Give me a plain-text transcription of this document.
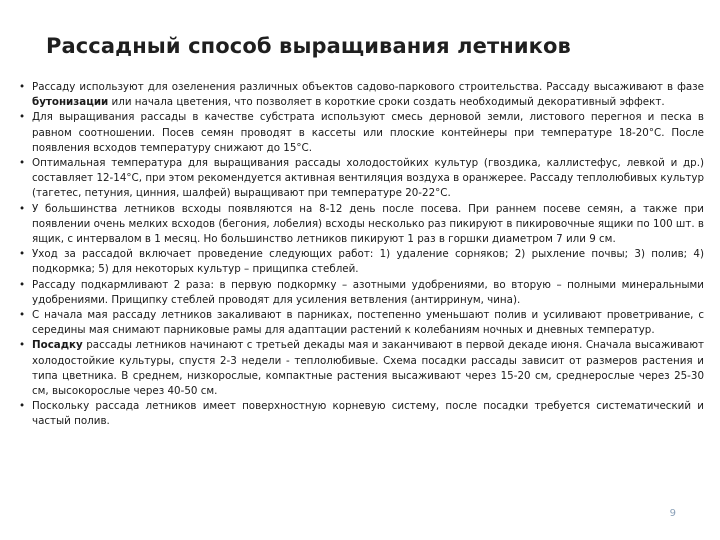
Рассадный способ выращивания летников
• Рассаду используют для озеленения различных объектов садово-паркового строительства. Рассаду высаживают в фазе бутонизации или начала цветения, что позволяет в короткие сроки создать необходимый декоративный эффект.
• Для выращивания рассады в качестве субстрата используют смесь дерновой земли, листового перегноя и песка в равном соотношении. Посев семян проводят в кассеты или плоские контейнеры при температуре 18-20°С. После появления всходов температуру снижают до 15°С.
• Оптимальная температура для выращивания рассады холодостойких культур (гвоздика, каллистефус, левкой и др.) составляет 12-14°С, при этом рекомендуется активная вентиляция воздуха в оранжерее. Рассаду теплолюбивых культур (тагетес, петуния, цинния, шалфей) выращивают при температуре 20-22°С.
• У большинства летников всходы появляются на 8-12 день после посева. При раннем посеве семян, а также при появлении очень мелких всходов (бегония, лобелия) всходы несколько раз пикируют в пикировочные ящики по 100 шт. в ящик, с интервалом в 1 месяц. Но большинство летников пикируют 1 раз в горшки диаметром 7 или 9 см.
• Уход за рассадой включает проведение следующих работ: 1) удаление сорняков; 2) рыхление почвы; 3) полив; 4) подкормка; 5) для некоторых культур – прищипка стеблей.
• Рассаду подкармливают 2 раза: в первую подкормку – азотными удобрениями, во вторую – полными минеральными удобрениями. Прищипку стеблей проводят для усиления ветвления (антирринум, чина).
• С начала мая рассаду летников закаливают в парниках, постепенно уменьшают полив и усиливают проветривание, с середины мая снимают парниковые рамы для адаптации растений к колебаниям ночных и дневных температур.
• Посадку рассады летников начинают с третьей декады мая и заканчивают в первой декаде июня. Сначала высаживают холодостойкие культуры, спустя 2-3 недели - теплолюбивые. Схема посадки рассады зависит от размеров растения и типа цветника. В среднем, низкорослые, компактные растения высаживают через 15-20 см, среднерослые через 25-30 см, высокорослые через 40-50 см.
• Поскольку рассада летников имеет поверхностную корневую систему, после посадки требуется систематический и частый полив.
9
